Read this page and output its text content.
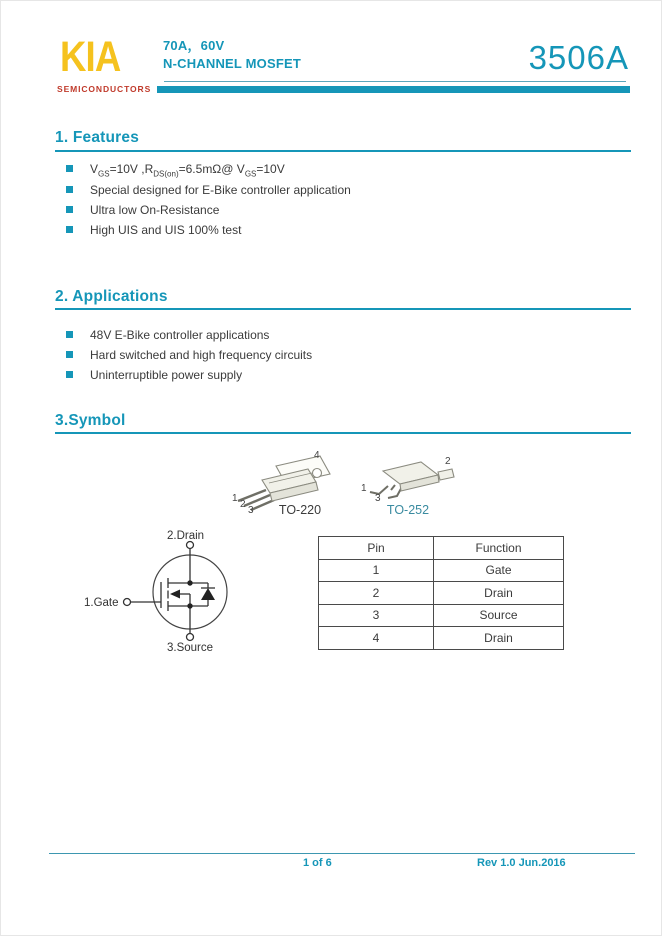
KIA
SEMICONDUCTORS
70A，60V
N-CHANNEL MOSFET	3506A
1. Features
$V_{GS}=10V$ $,R_{DS(on)}=6.5m\Omega@$ $V_{GS}=10V$
Special designed for E-Bike controller application
Ultra low On-Resistance
High UIS and UIS 100% test
2. Applications
48V E-Bike controller applications
Hard switched and high frequency circuits
Uninterruptible power supply
3.Symbol
1
2
3
4
TO-220
1
2
3
TO-252
2.Drain
1.Gate
3.Source
Pin	Function
1	Gate
2	Drain
3	Source
4	Drain
1 of 6	Rev 1.0 Jun.2016
